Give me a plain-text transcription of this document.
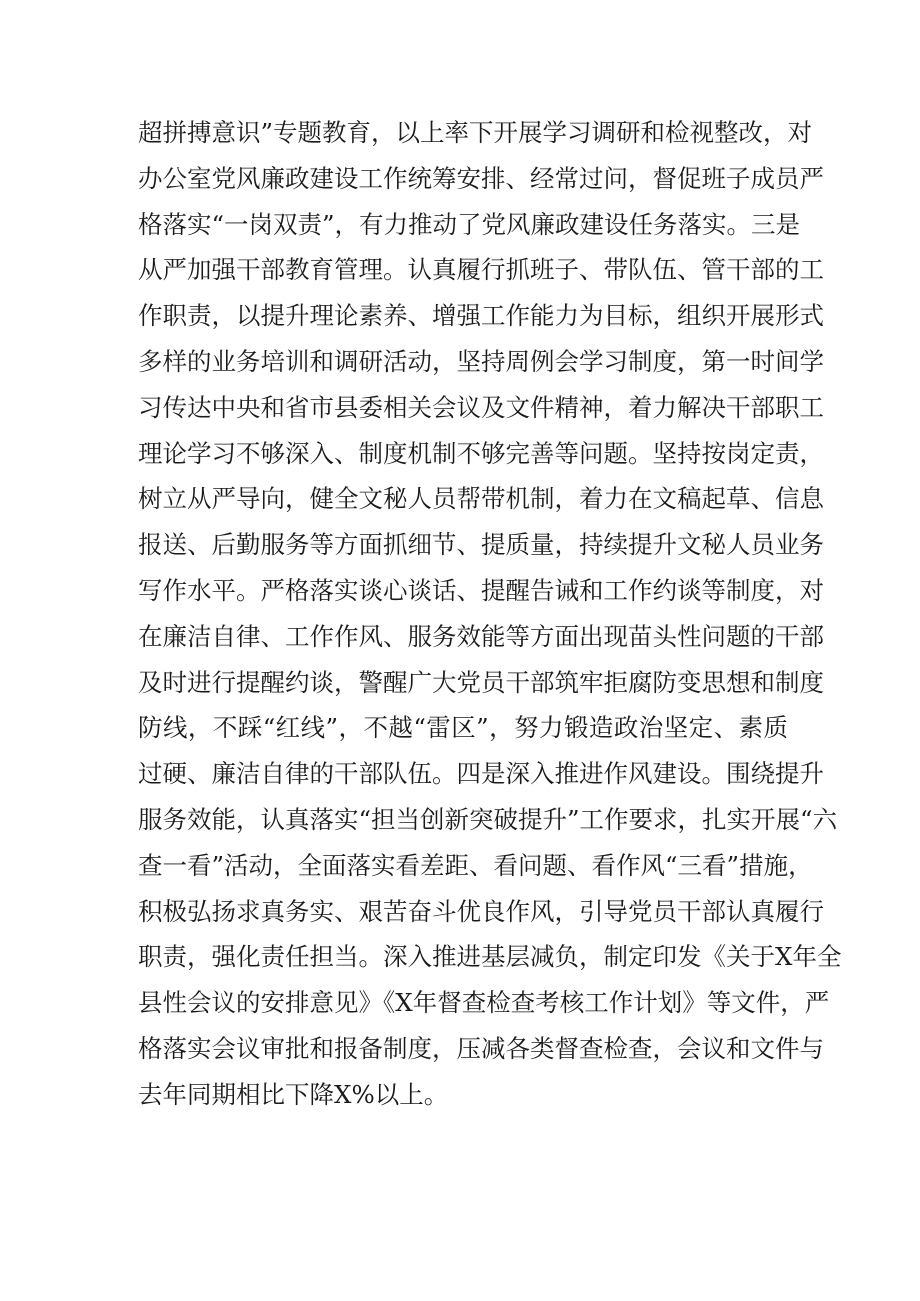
超拼搏意识”专题教育，以上率下开展学习调研和检视整改，对
办公室党风廉政建设工作统筹安排、经常过问，督促班子成员严
格落实“一岗双责”，有力推动了党风廉政建设任务落实。三是
从严加强干部教育管理。认真履行抓班子、带队伍、管干部的工
作职责，以提升理论素养、增强工作能力为目标，组织开展形式
多样的业务培训和调研活动，坚持周例会学习制度，第一时间学
习传达中央和省市县委相关会议及文件精神，着力解决干部职工
理论学习不够深入、制度机制不够完善等问题。坚持按岗定责，
树立从严导向，健全文秘人员帮带机制，着力在文稿起草、信息
报送、后勤服务等方面抓细节、提质量，持续提升文秘人员业务
写作水平。严格落实谈心谈话、提醒告诫和工作约谈等制度，对
在廉洁自律、工作作风、服务效能等方面出现苗头性问题的干部
及时进行提醒约谈，警醒广大党员干部筑牢拒腐防变思想和制度
防线，不踩“红线”，不越“雷区”，努力锻造政治坚定、素质
过硬、廉洁自律的干部队伍。四是深入推进作风建设。围绕提升
服务效能，认真落实“担当创新突破提升”工作要求，扎实开展“六
查一看”活动，全面落实看差距、看问题、看作风“三看”措施，
积极弘扬求真务实、艰苦奋斗优良作风，引导党员干部认真履行
职责，强化责任担当。深入推进基层减负，制定印发《关于X年全
县性会议的安排意见》《X年督查检查考核工作计划》等文件，严
格落实会议审批和报备制度，压减各类督查检查，会议和文件与
去年同期相比下降X%以上。
